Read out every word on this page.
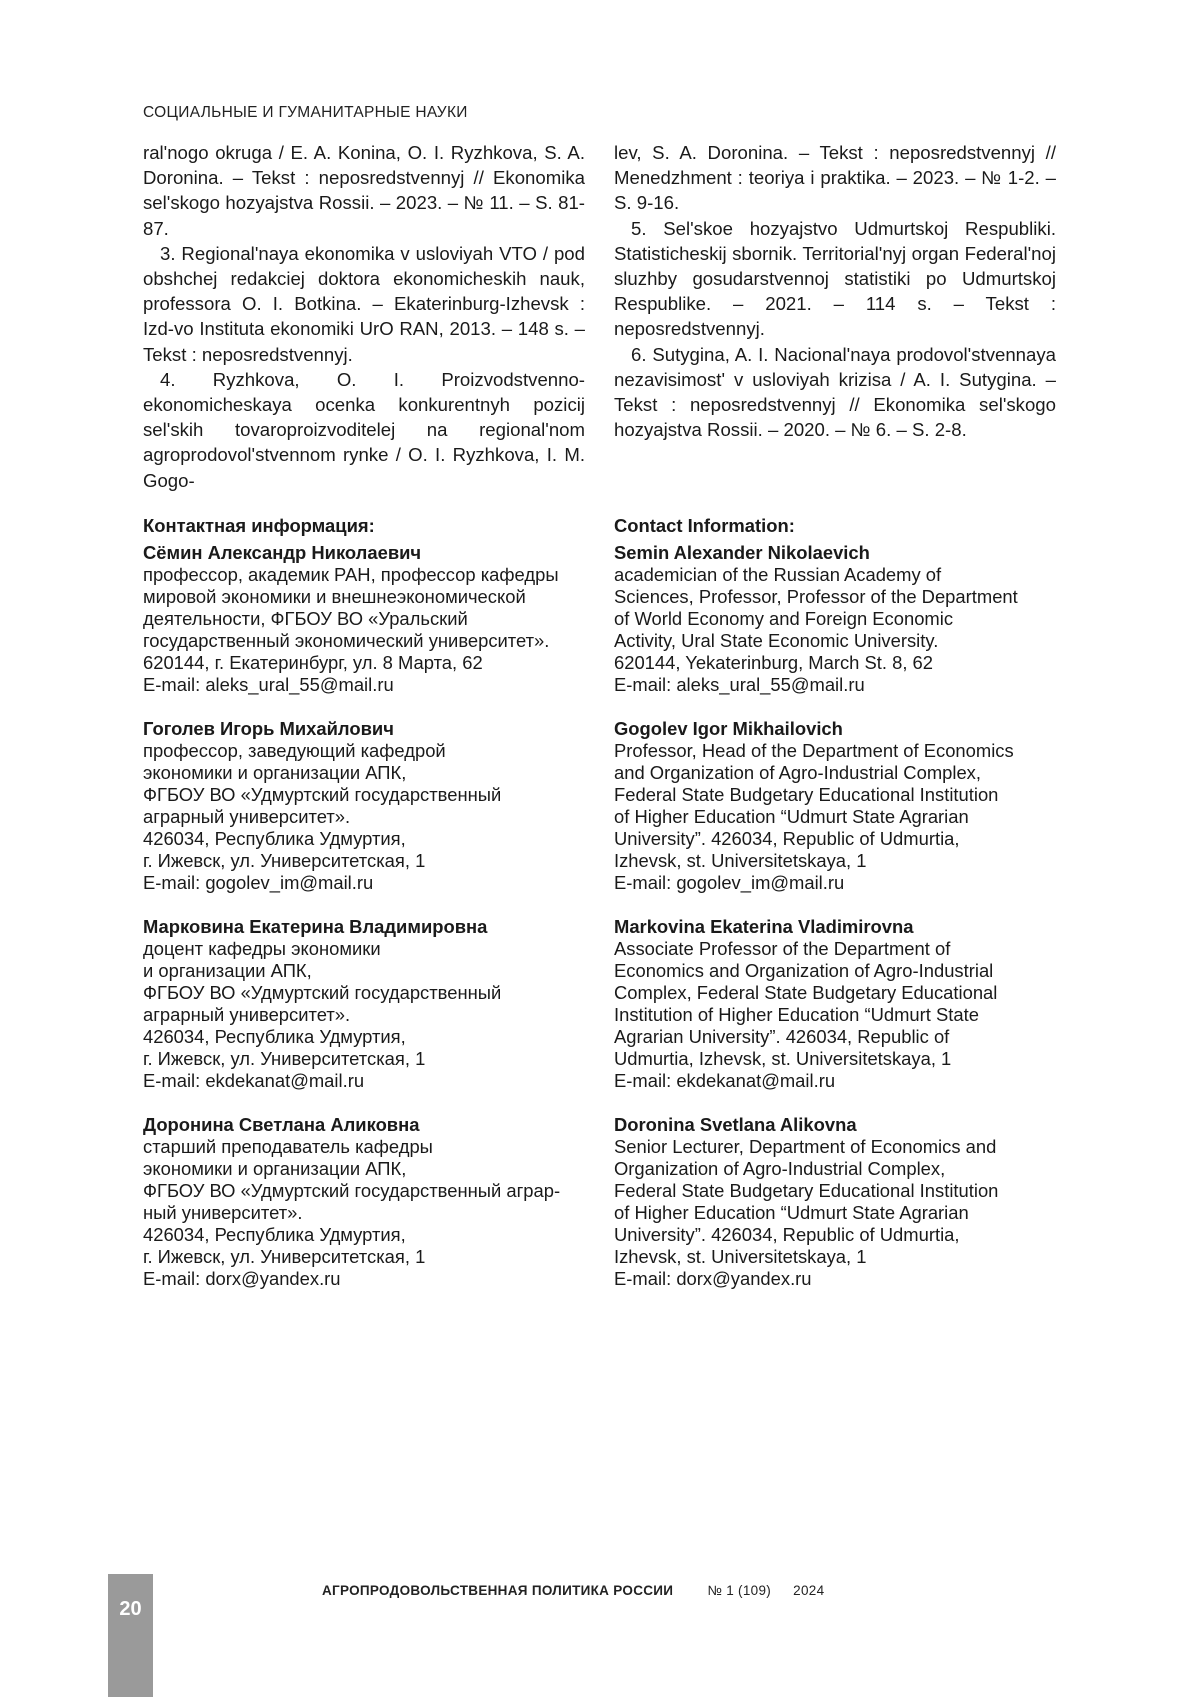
СОЦИАЛЬНЫЕ И ГУМАНИТАРНЫЕ НАУКИ

ral'nogo okruga / E. A. Konina, O. I. Ryzhkova, S. A. Doronina. – Tekst : neposredstvennyj // Ekonomika sel'skogo hozyajstva Rossii. – 2023. – № 11. – S. 81-87.

3. Regional'naya ekonomika v usloviyah VTO / pod obshchej redakciej doktora ekonomicheskih nauk, professora O. I. Botkina. – Ekaterinburg-Izhevsk : Izd-vo Instituta ekonomiki UrO RAN, 2013. – 148 s. – Tekst : neposredstvennyj.

4. Ryzhkova, O. I. Proizvodstvenno-ekonomicheskaya ocenka konkurentnyh pozicij sel'skih tovaroproizvoditelej na regional'nom agroprodovol'stvennom rynke / O. I. Ryzhkova, I. M. Gogo-

lev, S. A. Doronina. – Tekst : neposredstvennyj // Menedzhment : teoriya i praktika. – 2023. – № 1-2. – S. 9-16.

5. Sel'skoe hozyajstvo Udmurtskoj Respubliki. Statisticheskij sbornik. Territorial'nyj organ Federal'noj sluzhby gosudarstvennoj statistiki po Udmurtskoj Respublike. – 2021. – 114 s. – Tekst : neposredstvennyj.

6. Sutygina, A. I. Nacional'naya prodovol'stvennaya nezavisimost' v usloviyah krizisa / A. I. Sutygina. – Tekst : neposredstvennyj // Ekonomika sel'skogo hozyajstva Rossii. – 2020. – № 6. – S. 2-8.

Контактная информация:
Сёмин Александр Николаевич
профессор, академик РАН, профессор кафедры
мировой экономики и внешнеэкономической
деятельности, ФГБОУ ВО «Уральский
государственный экономический университет».
620144, г. Екатеринбург, ул. 8 Марта, 62
E-mail: aleks_ural_55@mail.ru
Гоголев Игорь Михайлович
профессор, заведующий кафедрой
экономики и организации АПК,
ФГБОУ ВО «Удмуртский государственный
аграрный университет».
426034, Республика Удмуртия,
г. Ижевск, ул. Университетская, 1
E-mail: gogolev_im@mail.ru
Марковина Екатерина Владимировна
доцент кафедры экономики
и организации АПК,
ФГБОУ ВО «Удмуртский государственный
аграрный университет».
426034, Республика Удмуртия,
г. Ижевск, ул. Университетская, 1
E-mail: ekdekanat@mail.ru
Доронина Светлана Аликовна
старший преподаватель кафедры
экономики и организации АПК,
ФГБОУ ВО «Удмуртский государственный аграр-
ный университет».
426034, Республика Удмуртия,
г. Ижевск, ул. Университетская, 1
E-mail: dorx@yandex.ru
Contact Information:
Semin Alexander Nikolaevich
academician of the Russian Academy of
Sciences, Professor, Professor of the Department
of World Economy and Foreign Economic
Activity, Ural State Economic University.
620144, Yekaterinburg, March St. 8, 62
E-mail: aleks_ural_55@mail.ru
Gogolev Igor Mikhailovich
Professor, Head of the Department of Economics
and Organization of Agro-Industrial Complex,
Federal State Budgetary Educational Institution
of Higher Education “Udmurt State Agrarian
University”. 426034, Republic of Udmurtia,
Izhevsk, st. Universitetskaya, 1
E-mail: gogolev_im@mail.ru
Markovina Ekaterina Vladimirovna
Associate Professor of the Department of
Economics and Organization of Agro-Industrial
Complex, Federal State Budgetary Educational
Institution of Higher Education “Udmurt State
Agrarian University”. 426034, Republic of
Udmurtia, Izhevsk, st. Universitetskaya, 1
E-mail: ekdekanat@mail.ru
Doronina Svetlana Alikovna
Senior Lecturer, Department of Economics and
Organization of Agro-Industrial Complex,
Federal State Budgetary Educational Institution
of Higher Education “Udmurt State Agrarian
University”. 426034, Republic of Udmurtia,
Izhevsk, st. Universitetskaya, 1
E-mail: dorx@yandex.ru
20
АГРОПРОДОВОЛЬСТВЕННАЯ ПОЛИТИКА РОССИИ	№ 1 (109) 2024
